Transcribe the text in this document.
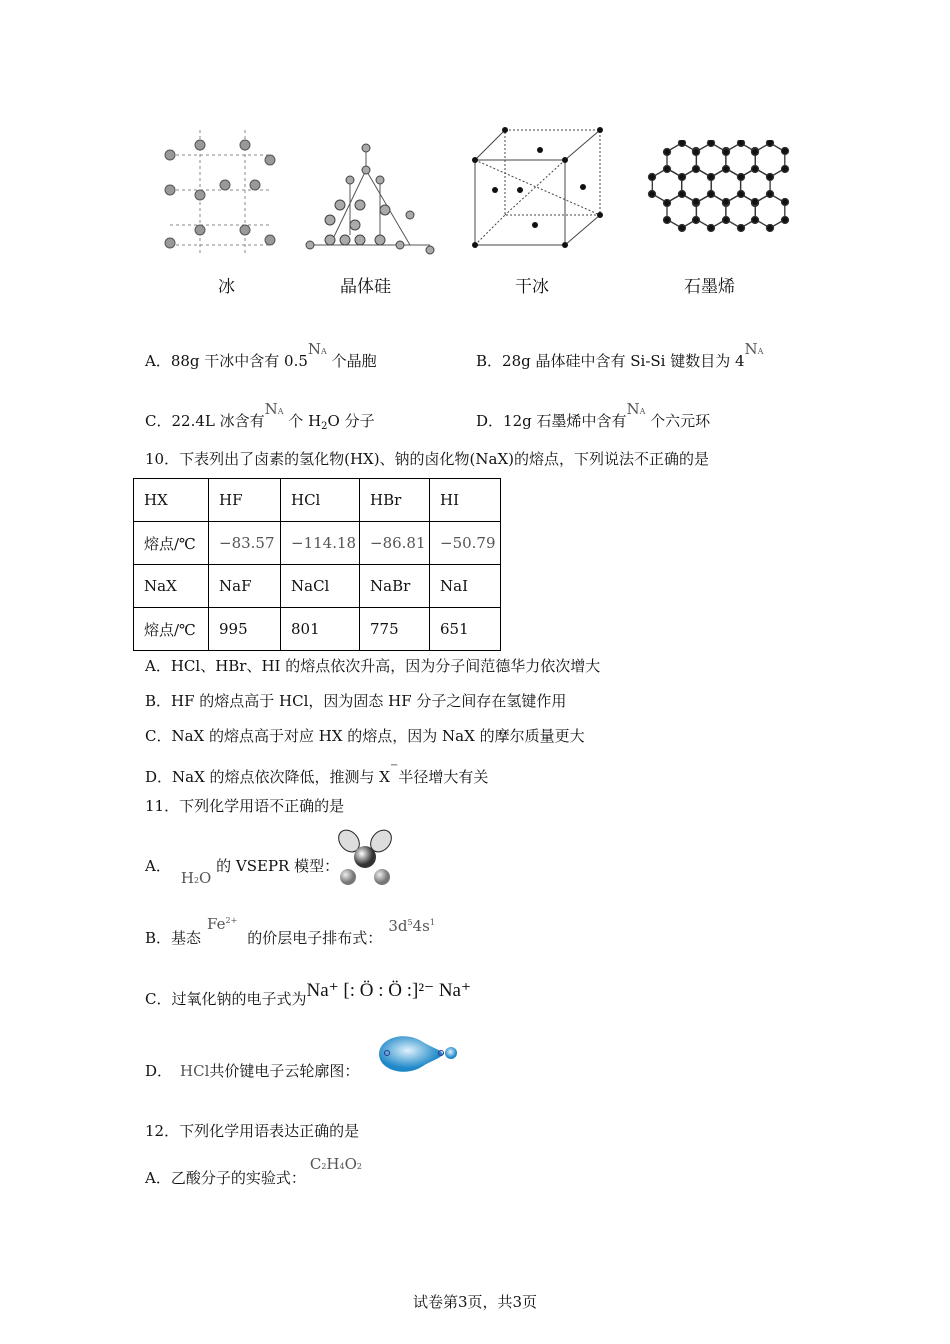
冰	晶体硅	干冰	石墨烯
A．88g 干冰中含有 0.5NA 个晶胞	B．28g 晶体硅中含有 Si-Si 键数目为 4NA
C．22.4L 冰含有NA 个 $H_2O$ 分子	D．12g 石墨烯中含有NA 个六元环
10．下表列出了卤素的氢化物(HX)、钠的卤化物(NaX)的熔点，下列说法不正确的是
HX	HF	HCl	HBr	HI
熔点/℃	−83.57	−114.18	−86.81	−50.79
NaX	NaF	NaCl	NaBr	NaI
熔点/℃	995	801	775	651
A．HCl、HBr、HI 的熔点依次升高，因为分子间范德华力依次增大
B．HF 的熔点高于 HCl，因为固态 HF 分子之间存在氢键作用
C．NaX 的熔点高于对应 HX 的熔点，因为 NaX 的摩尔质量更大
D．NaX 的熔点依次降低，推测与 X−半径增大有关
11．下列化学用语不正确的是
A．H2O 的 VSEPR 模型：
B．基态$Fe^{2+}$的价层电子排布式：$3d^54s^1$
C．过氧化钠的电子式为Na⁺ [: Ö : Ö :]²⁻ Na⁺
D． HCl共价键电子云轮廓图：
12．下列化学用语表达正确的是
A．乙酸分子的实验式：C2H4O2
试卷第3页，共3页
